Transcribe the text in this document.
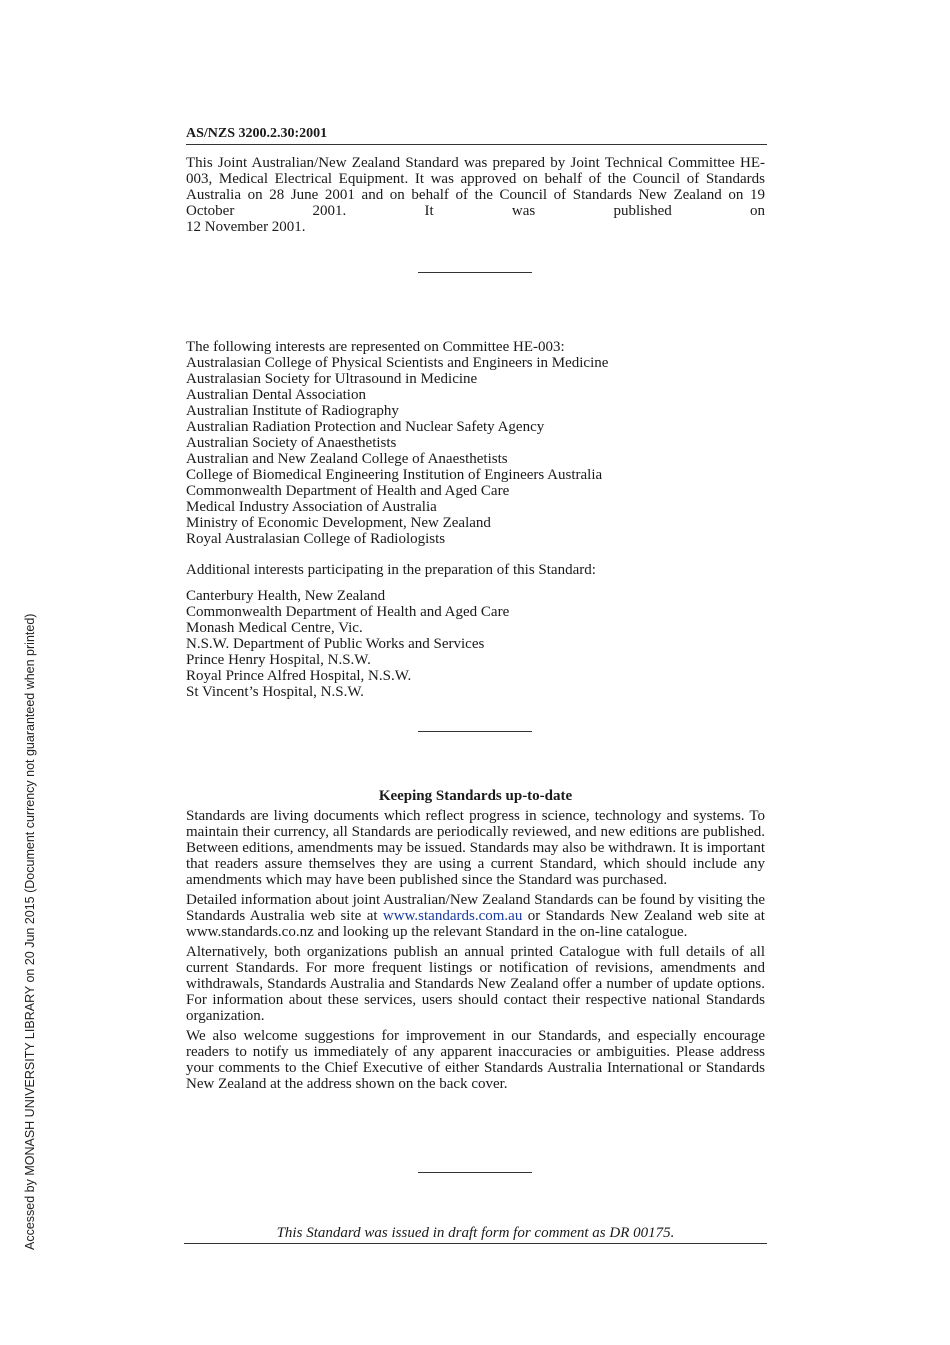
AS/NZS 3200.2.30:2001

This Joint Australian/New Zealand Standard was prepared by Joint Technical Committee HE-003, Medical Electrical Equipment. It was approved on behalf of the Council of Standards Australia on 28 June 2001 and on behalf of the Council of Standards New Zealand on 19 October 2001. It was published on

12 November 2001.

The following interests are represented on Committee HE-003:

Australasian College of Physical Scientists and Engineers in Medicine
Australasian Society for Ultrasound in Medicine
Australian Dental Association
Australian Institute of Radiography
Australian Radiation Protection and Nuclear Safety Agency
Australian Society of Anaesthetists
Australian and New Zealand College of Anaesthetists
College of Biomedical Engineering Institution of Engineers Australia
Commonwealth Department of Health and Aged Care
Medical Industry Association of Australia
Ministry of Economic Development, New Zealand
Royal Australasian College of Radiologists

Additional interests participating in the preparation of this Standard:

Canterbury Health, New Zealand
Commonwealth Department of Health and Aged Care
Monash Medical Centre, Vic.
N.S.W. Department of Public Works and Services
Prince Henry Hospital, N.S.W.
Royal Prince Alfred Hospital, N.S.W.
St Vincent’s Hospital, N.S.W.
Keeping Standards up-to-date

Standards are living documents which reflect progress in science, technology and systems. To maintain their currency, all Standards are periodically reviewed, and new editions are published. Between editions, amendments may be issued. Standards may also be withdrawn. It is important that readers assure themselves they are using a current Standard, which should include any amendments which may have been published since the Standard was purchased.

Detailed information about joint Australian/New Zealand Standards can be found by visiting the Standards Australia web site at www.standards.com.au or Standards New Zealand web site at www.standards.co.nz and looking up the relevant Standard in the on-line catalogue.

Alternatively, both organizations publish an annual printed Catalogue with full details of all current Standards. For more frequent listings or notification of revisions, amendments and withdrawals, Standards Australia and Standards New Zealand offer a number of update options. For information about these services, users should contact their respective national Standards organization.

We also welcome suggestions for improvement in our Standards, and especially encourage readers to notify us immediately of any apparent inaccuracies or ambiguities. Please address your comments to the Chief Executive of either Standards Australia International or Standards New Zealand at the address shown on the back cover.

This Standard was issued in draft form for comment as DR 00175.
Accessed by MONASH UNIVERSITY LIBRARY on 20 Jun 2015 (Document currency not guaranteed when printed)
